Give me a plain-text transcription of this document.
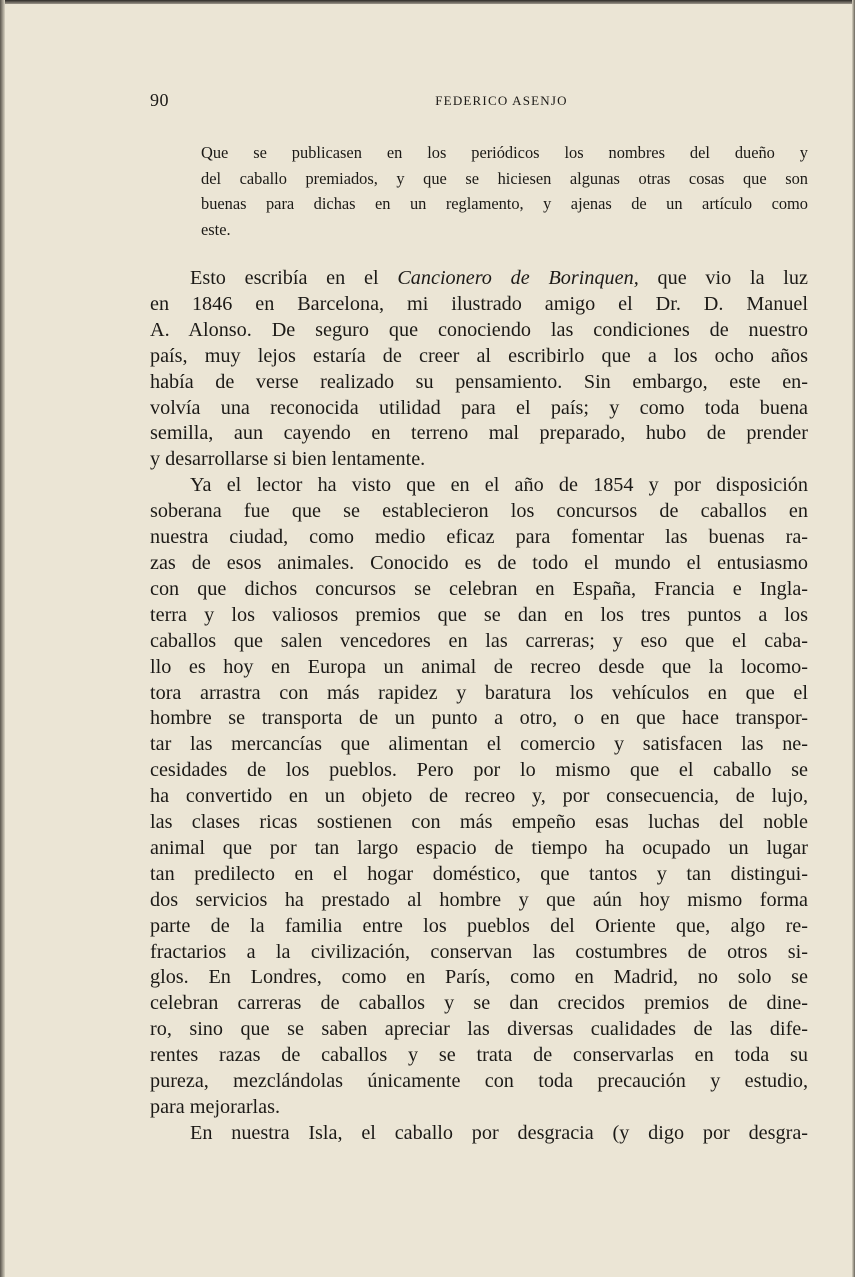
90	FEDERICO ASENJO
Que se publicasen en los periódicos los nombres del dueño y
del caballo premiados, y que se hiciesen algunas otras cosas que son
buenas para dichas en un reglamento, y ajenas de un artículo como
este.
Esto escribía en el Cancionero de Borinquen, que vio la luz
en 1846 en Barcelona, mi ilustrado amigo el Dr. D. Manuel
A. Alonso. De seguro que conociendo las condiciones de nuestro
país, muy lejos estaría de creer al escribirlo que a los ocho años
había de verse realizado su pensamiento. Sin embargo, este en-
volvía una reconocida utilidad para el país; y como toda buena
semilla, aun cayendo en terreno mal preparado, hubo de prender
y desarrollarse si bien lentamente.
Ya el lector ha visto que en el año de 1854 y por disposición
soberana fue que se establecieron los concursos de caballos en
nuestra ciudad, como medio eficaz para fomentar las buenas ra-
zas de esos animales. Conocido es de todo el mundo el entusiasmo
con que dichos concursos se celebran en España, Francia e Ingla-
terra y los valiosos premios que se dan en los tres puntos a los
caballos que salen vencedores en las carreras; y eso que el caba-
llo es hoy en Europa un animal de recreo desde que la locomo-
tora arrastra con más rapidez y baratura los vehículos en que el
hombre se transporta de un punto a otro, o en que hace transpor-
tar las mercancías que alimentan el comercio y satisfacen las ne-
cesidades de los pueblos. Pero por lo mismo que el caballo se
ha convertido en un objeto de recreo y, por consecuencia, de lujo,
las clases ricas sostienen con más empeño esas luchas del noble
animal que por tan largo espacio de tiempo ha ocupado un lugar
tan predilecto en el hogar doméstico, que tantos y tan distingui-
dos servicios ha prestado al hombre y que aún hoy mismo forma
parte de la familia entre los pueblos del Oriente que, algo re-
fractarios a la civilización, conservan las costumbres de otros si-
glos. En Londres, como en París, como en Madrid, no solo se
celebran carreras de caballos y se dan crecidos premios de dine-
ro, sino que se saben apreciar las diversas cualidades de las dife-
rentes razas de caballos y se trata de conservarlas en toda su
pureza, mezclándolas únicamente con toda precaución y estudio,
para mejorarlas.
En nuestra Isla, el caballo por desgracia (y digo por desgra-
